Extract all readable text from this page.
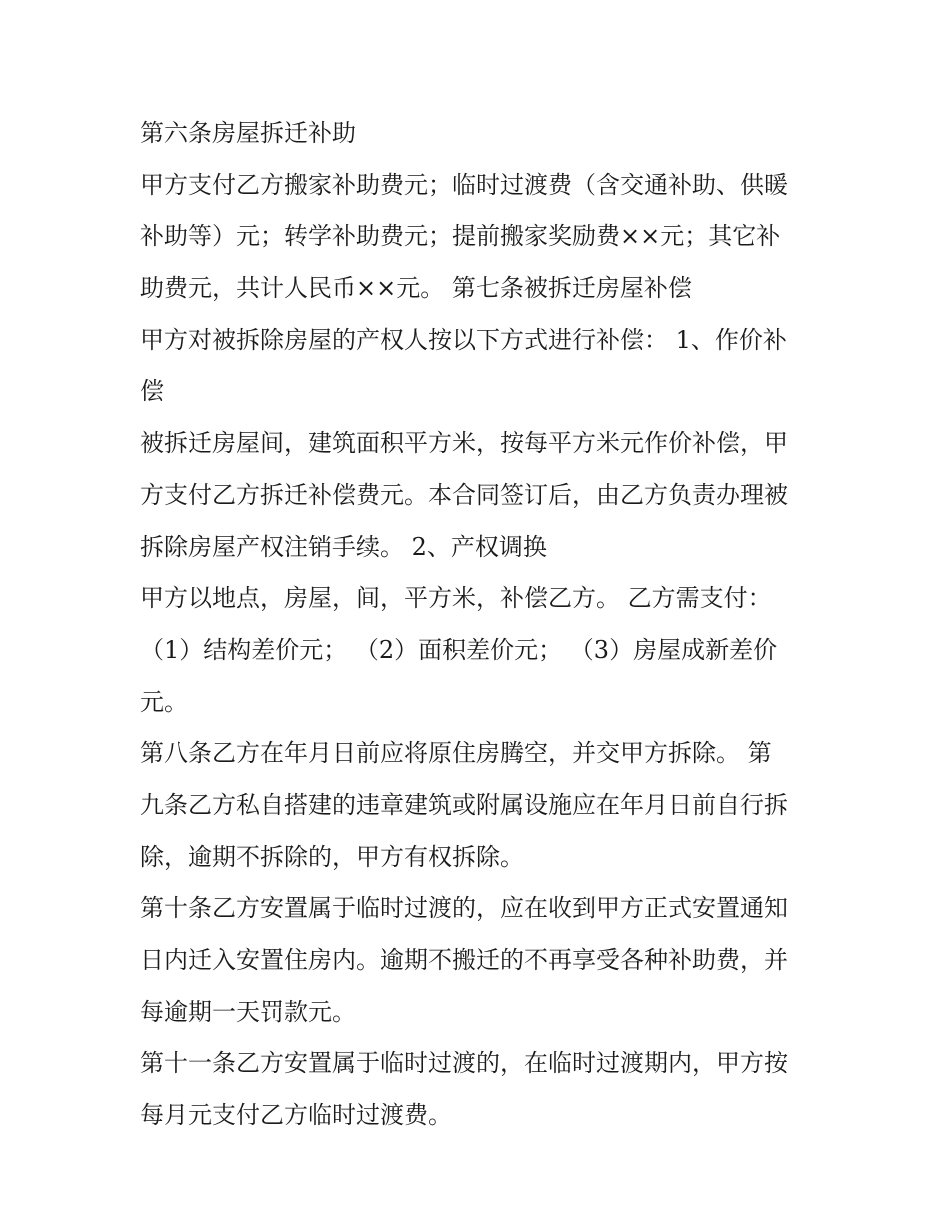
第六条房屋拆迁补助
甲方支付乙方搬家补助费元；临时过渡费（含交通补助、供暖
补助等）元；转学补助费元；提前搬家奖励费××元；其它补
助费元，共计人民币××元。 第七条被拆迁房屋补偿
甲方对被拆除房屋的产权人按以下方式进行补偿： 1、作价补
偿
被拆迁房屋间，建筑面积平方米，按每平方米元作价补偿，甲
方支付乙方拆迁补偿费元。本合同签订后，由乙方负责办理被
拆除房屋产权注销手续。 2、产权调换
甲方以地点，房屋，间，平方米，补偿乙方。 乙方需支付：
（1）结构差价元； （2）面积差价元； （3）房屋成新差价
元。
第八条乙方在年月日前应将原住房腾空，并交甲方拆除。 第
九条乙方私自搭建的违章建筑或附属设施应在年月日前自行拆
除，逾期不拆除的，甲方有权拆除。
第十条乙方安置属于临时过渡的，应在收到甲方正式安置通知
日内迁入安置住房内。逾期不搬迁的不再享受各种补助费，并
每逾期一天罚款元。
第十一条乙方安置属于临时过渡的，在临时过渡期内，甲方按
每月元支付乙方临时过渡费。
